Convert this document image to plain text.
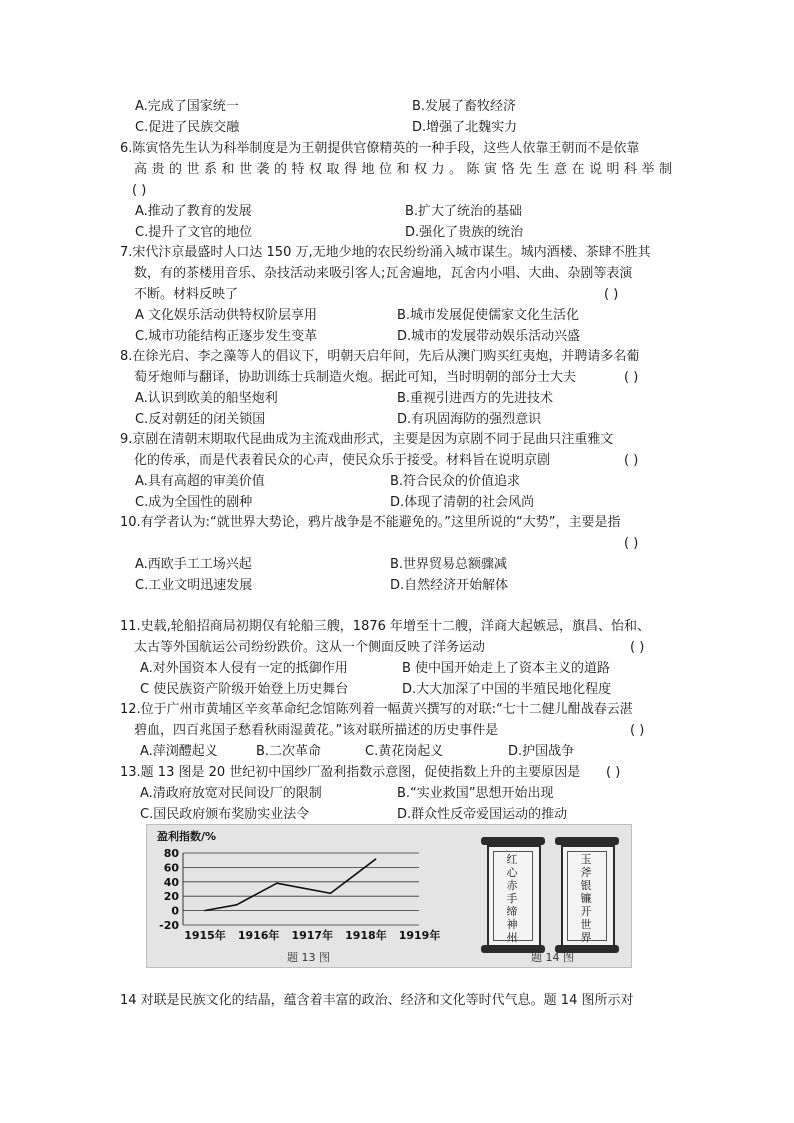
A.完成了国家统一	B.发展了畜牧经济
C.促进了民族交融	D.增强了北魏实力
6.陈寅恪先生认为科举制度是为王朝提供官僚精英的一种手段，这些人依靠王朝而不是依靠
高贵的世系和世袭的特权取得地位和权力。陈寅恪先生意在说明科举制
( )
A.推动了教育的发展	B.扩大了统治的基础
C.提升了文官的地位	D.强化了贵族的统治
7.宋代汴京最盛时人口达 150 万,无地少地的农民纷纷涌入城市谋生。城内酒楼、茶肆不胜其
数，有的茶楼用音乐、杂技活动来吸引客人;瓦舍遍地，瓦舍内小唱、大曲、杂剧等表演
不断。材料反映了	( )
A 文化娱乐活动供特权阶层享用	B.城市发展促使儒家文化生活化
C.城市功能结构正逐步发生变革	D.城市的发展带动娱乐活动兴盛
8.在徐光启、李之藻等人的倡议下，明朝天启年间，先后从澳门购买红夷炮，并聘请多名葡
萄牙炮师与翻译，协助训练士兵制造火炮。据此可知，当时明朝的部分士大夫	( )
A.认识到欧美的船坚炮利	B.重视引进西方的先进技术
C.反对朝廷的闭关锁国	D.有巩固海防的强烈意识
9.京剧在清朝末期取代昆曲成为主流戏曲形式，主要是因为京剧不同于昆曲只注重雅文
化的传承，而是代表着民众的心声，使民众乐于接受。材料旨在说明京剧	( )
A.具有高超的审美价值	B.符合民众的价值追求
C.成为全国性的剧种	D.体现了清朝的社会风尚
10.有学者认为:“就世界大势论，鸦片战争是不能避免的。”这里所说的“大势”，主要是指
( )
A.西欧手工工场兴起	B.世界贸易总额骤减
C.工业文明迅速发展	D.自然经济开始解体
11.史载,轮船招商局初期仅有轮船三艘，1876 年增至十二艘，洋商大起嫉忌，旗昌、怡和、
太古等外国航运公司纷纷跌价。这从一个侧面反映了洋务运动	( )
A.对外国资本人侵有一定的抵御作用	B 使中国开始走上了资本主义的道路
C 使民族资产阶级开始登上历史舞台	D.大大加深了中国的半殖民地化程度
12.位于广州市黄埔区辛亥革命纪念馆陈列着一幅黄兴撰写的对联:“七十二健儿酣战春云湛
碧血，四百兆国子愁看秋雨湿黄花。”该对联所描述的历史事件是	( )
A.萍浏醴起义	B.二次革命	C.黄花岗起义	D.护国战争
13.题 13 图是 20 世纪初中国纱厂盈利指数示意图，促使指数上升的主要原因是 ( )
A.清政府放宽对民间设厂的限制	B.“实业救国”思想开始出现
C.国民政府颁布奖励实业法令	D.群众性反帝爱国运动的推动
盈利指数/%
80
60
40
20
0
-20
1915年 1916年 1917年 1918年 1919年
题 13 图
红心赤手缔神州
玉斧银镰开世界
题 14 图
14 对联是民族文化的结晶，蕴含着丰富的政治、经济和文化等时代气息。题 14 图所示对
